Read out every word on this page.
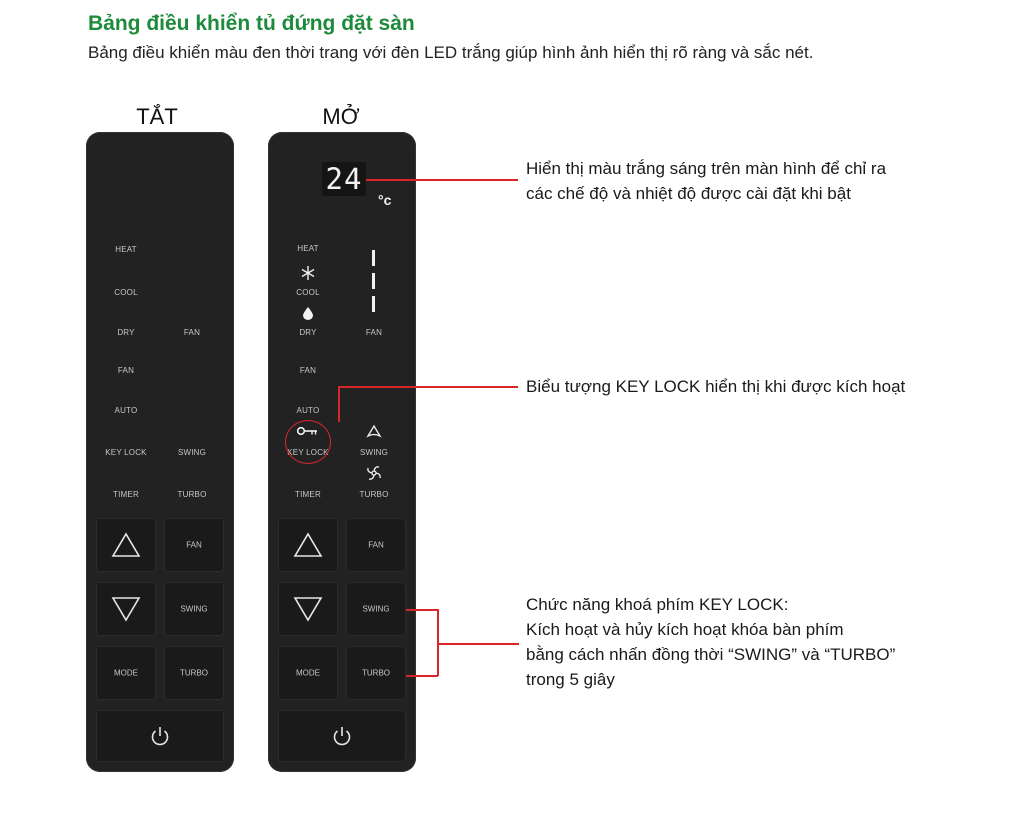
Bảng điều khiển tủ đứng đặt sàn
Bảng điều khiển màu đen thời trang với đèn LED trắng giúp hình ảnh hiển thị rõ ràng và sắc nét.
TẮT
HEAT
COOL
DRY	FAN
FAN
AUTO
KEY LOCK	SWING
TIMER	TURBO
FAN
SWING
MODE	TURBO
MỞ
24
°c
HEAT
COOL
DRY	FAN
FAN
AUTO
KEY LOCK	SWING
TIMER	TURBO
FAN
SWING
MODE	TURBO
Hiển thị màu trắng sáng trên màn hình để chỉ ra
các chế độ và nhiệt độ được cài đặt khi bật
Biểu tượng KEY LOCK hiển thị khi được kích hoạt
Chức năng khoá phím KEY LOCK:
Kích hoạt và hủy kích hoạt khóa bàn phím
bằng cách nhấn đồng thời “SWING” và “TURBO”
trong 5 giây
